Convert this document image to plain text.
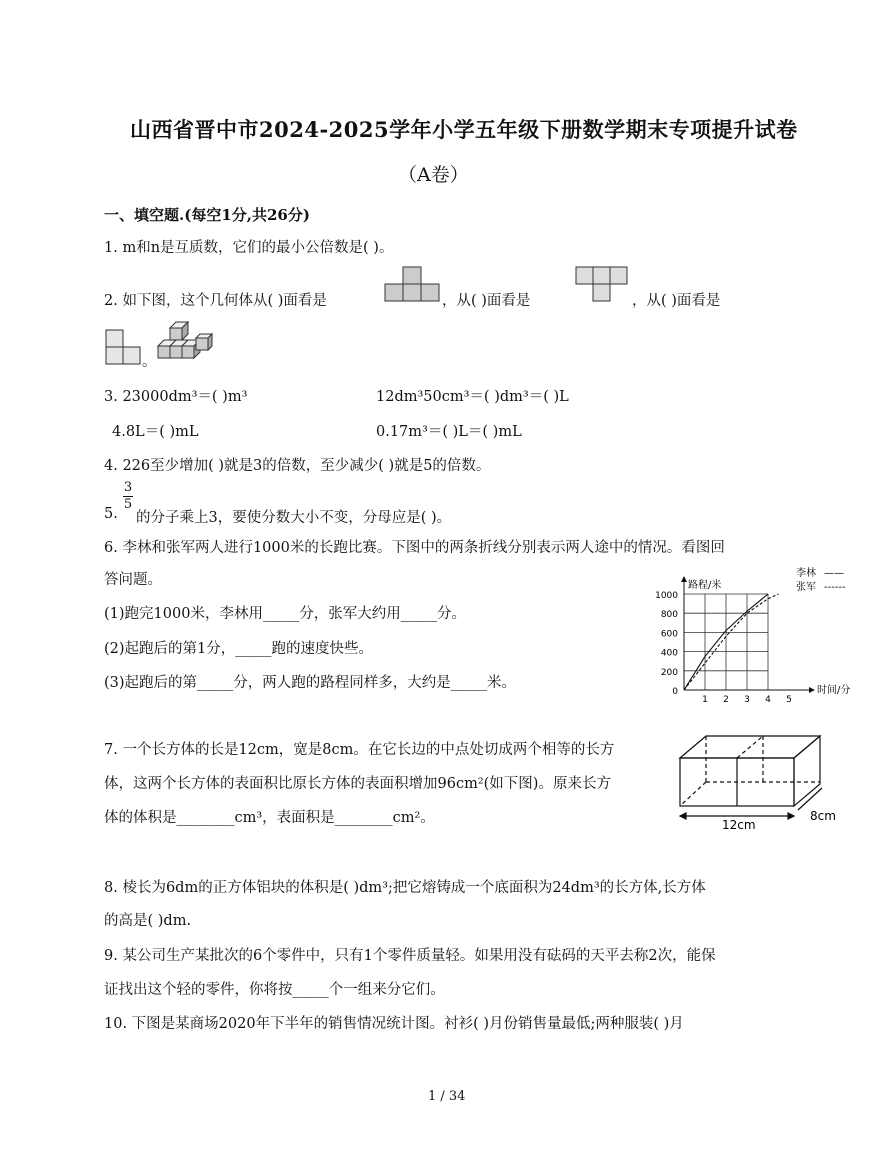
山西省晋中市2024-2025学年小学五年级下册数学期末专项提升试卷
（A卷）
一、填空题.(每空1分,共26分)
1. m和n是互质数，它们的最小公倍数是( )。
2. 如下图，这个几何体从( )面看是	，从( )面看是	，从( )面看是
。
3. 23000dm³＝( )m³	12dm³50cm³＝( )dm³＝( )L
4.8L＝( )mL	0.17m³＝( )L＝( )mL
4. 226至少增加( )就是3的倍数，至少减少( )就是5的倍数。
3
5
5. 的分子乘上3，要使分数大小不变，分母应是( )。
6. 李林和张军两人进行1000米的长跑比赛。下图中的两条折线分别表示两人途中的情况。看图回
答问题。
(1)跑完1000米，李林用_____分，张军大约用_____分。
(2)起跑后的第1分，_____跑的速度快些。
(3)起跑后的第_____分，两人跑的路程同样多，大约是_____米。
0
200
400
600
800
1000
1 2 3 4 5
路程/米
时间/分
李林 ——
张军 ------
7. 一个长方体的长是12cm，宽是8cm。在它长边的中点处切成两个相等的长方
体，这两个长方体的表面积比原长方体的表面积增加96cm²(如下图)。原来长方
体的体积是________cm³，表面积是________cm²。	12cm
8cm
8. 棱长为6dm的正方体铝块的体积是( )dm³;把它熔铸成一个底面积为24dm³的长方体,长方体
的高是( )dm.
9. 某公司生产某批次的6个零件中，只有1个零件质量轻。如果用没有砝码的天平去称2次，能保
证找出这个轻的零件，你将按_____个一组来分它们。
10. 下图是某商场2020年下半年的销售情况统计图。衬衫( )月份销售量最低;两种服装( )月
1 / 34
